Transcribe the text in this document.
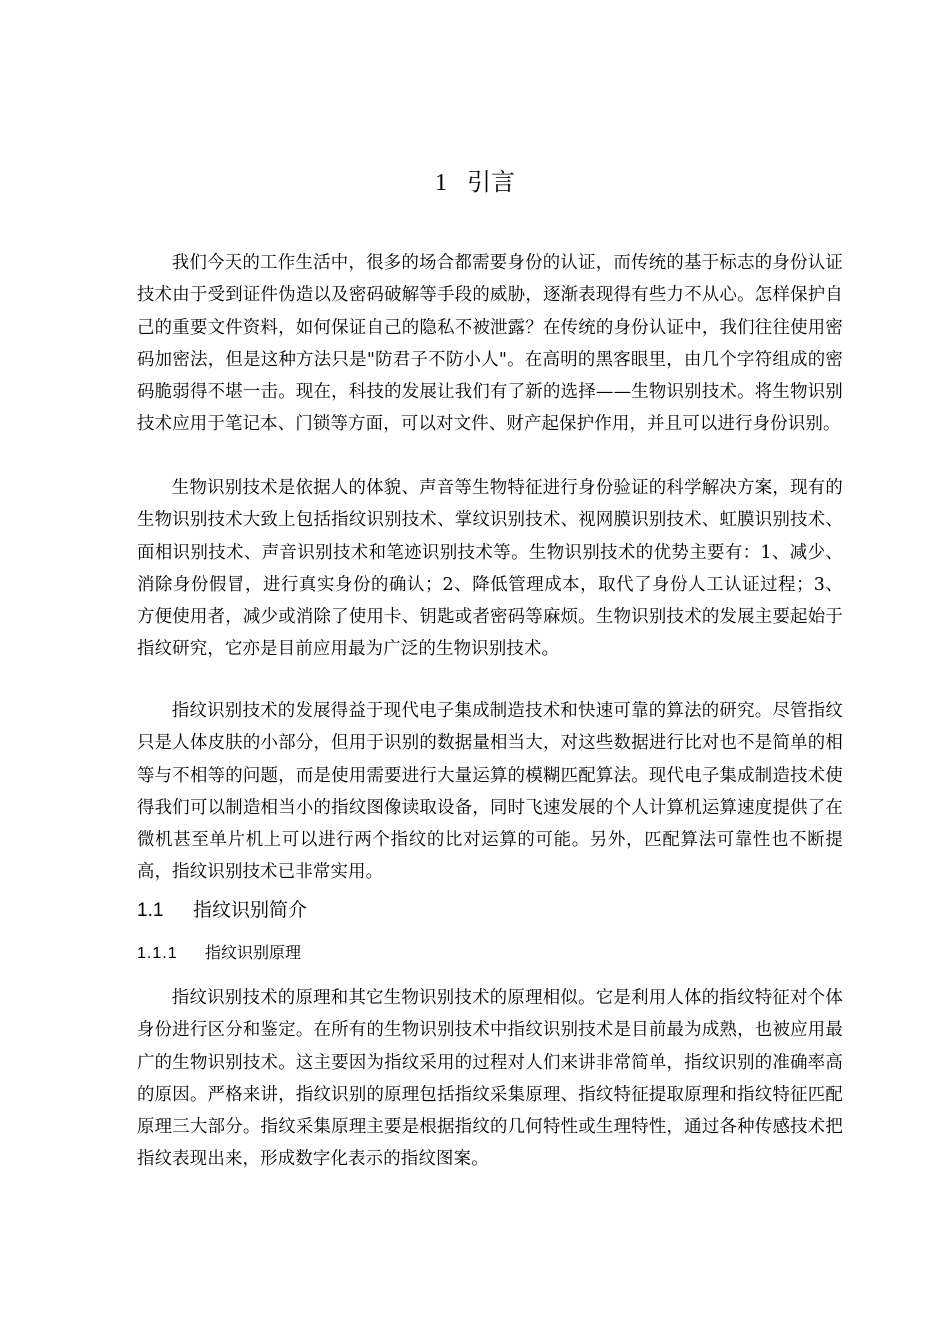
1 引言

我们今天的工作生活中，很多的场合都需要身份的认证，而传统的基于标志的身份认证技术由于受到证件伪造以及密码破解等手段的威胁，逐渐表现得有些力不从心。怎样保护自己的重要文件资料，如何保证自己的隐私不被泄露？在传统的身份认证中，我们往往使用密码加密法，但是这种方法只是"防君子不防小人"。在高明的黑客眼里，由几个字符组成的密码脆弱得不堪一击。现在，科技的发展让我们有了新的选择——生物识别技术。将生物识别技术应用于笔记本、门锁等方面，可以对文件、财产起保护作用，并且可以进行身份识别。

生物识别技术是依据人的体貌、声音等生物特征进行身份验证的科学解决方案，现有的生物识别技术大致上包括指纹识别技术、掌纹识别技术、视网膜识别技术、虹膜识别技术、面相识别技术、声音识别技术和笔迹识别技术等。生物识别技术的优势主要有：1、减少、消除身份假冒，进行真实身份的确认；2、降低管理成本，取代了身份人工认证过程；3、方便使用者，减少或消除了使用卡、钥匙或者密码等麻烦。生物识别技术的发展主要起始于指纹研究，它亦是目前应用最为广泛的生物识别技术。

指纹识别技术的发展得益于现代电子集成制造技术和快速可靠的算法的研究。尽管指纹只是人体皮肤的小部分，但用于识别的数据量相当大，对这些数据进行比对也不是简单的相等与不相等的问题，而是使用需要进行大量运算的模糊匹配算法。现代电子集成制造技术使得我们可以制造相当小的指纹图像读取设备，同时飞速发展的个人计算机运算速度提供了在微机甚至单片机上可以进行两个指纹的比对运算的可能。另外，匹配算法可靠性也不断提高，指纹识别技术已非常实用。

1.1 指纹识别简介
1.1.1 指纹识别原理

指纹识别技术的原理和其它生物识别技术的原理相似。它是利用人体的指纹特征对个体身份进行区分和鉴定。在所有的生物识别技术中指纹识别技术是目前最为成熟，也被应用最广的生物识别技术。这主要因为指纹采用的过程对人们来讲非常简单，指纹识别的准确率高的原因。严格来讲，指纹识别的原理包括指纹采集原理、指纹特征提取原理和指纹特征匹配原理三大部分。指纹采集原理主要是根据指纹的几何特性或生理特性，通过各种传感技术把指纹表现出来，形成数字化表示的指纹图案。
